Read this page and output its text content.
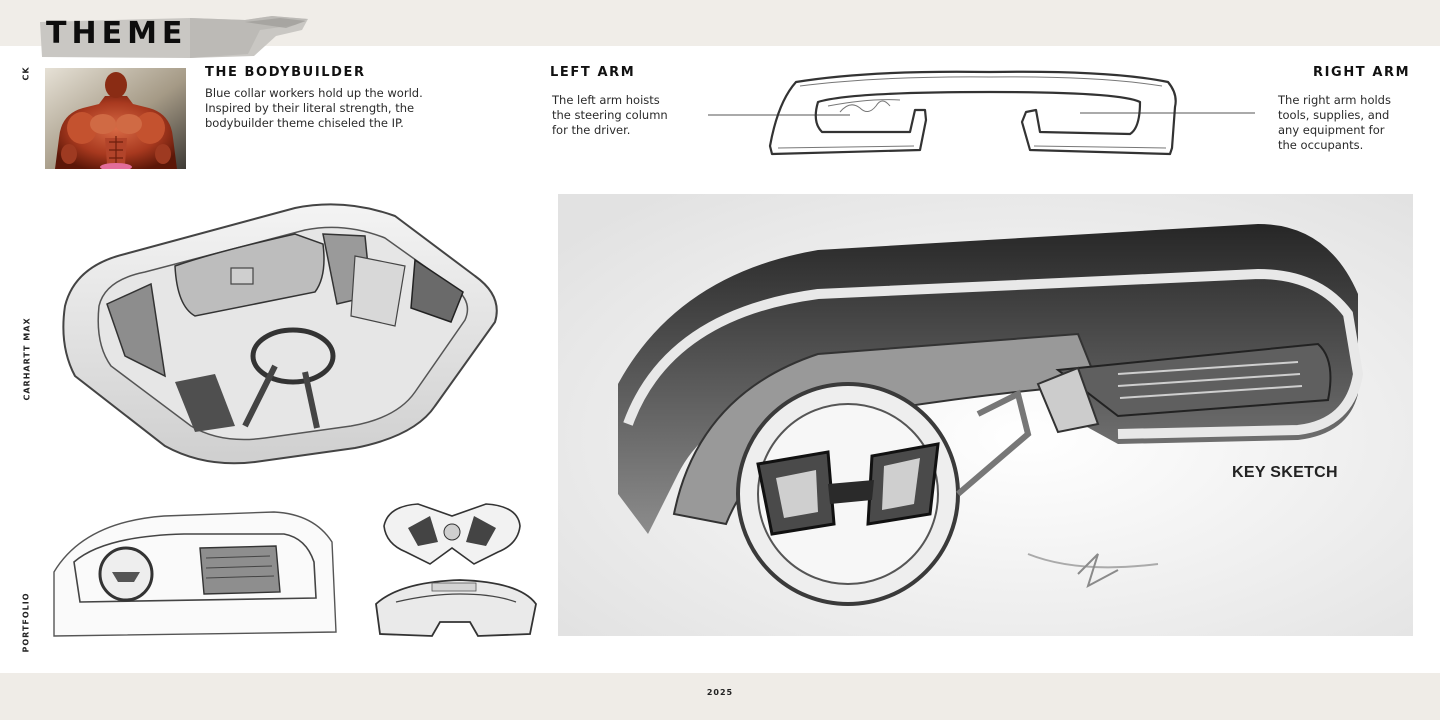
THEME
CK
CARHARTT MAX
PORTFOLIO
THE BODYBUILDER
Blue collar workers hold up the world.
Inspired by their literal strength, the
bodybuilder theme chiseled the IP.
LEFT ARM
The left arm hoists
the steering column
for the driver.
RIGHT ARM
The right arm holds
tools, supplies, and
any equipment for
the occupants.
KEY SKETCH
2025
